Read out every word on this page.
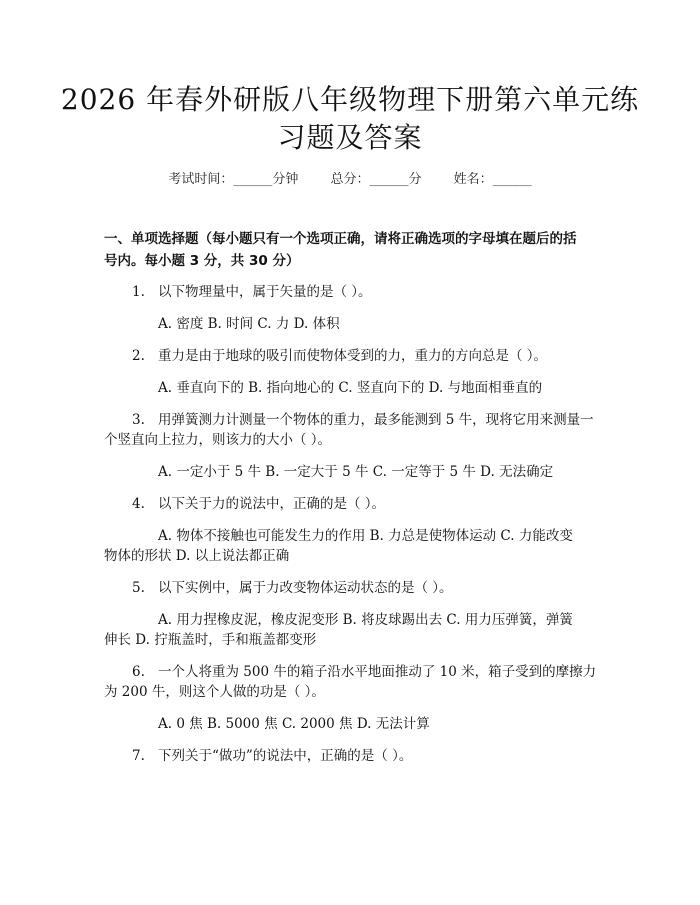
2026 年春外研版八年级物理下册第六单元练
习题及答案
考试时间：______分钟 总分：______分 姓名：______
一、单项选择题（每小题只有一个选项正确，请将正确选项的字母填在题后的括
号内。每小题 3 分，共 30 分）
1. 以下物理量中，属于矢量的是（ ）。
A. 密度 B. 时间 C. 力 D. 体积
2. 重力是由于地球的吸引而使物体受到的力，重力的方向总是（ ）。
A. 垂直向下的 B. 指向地心的 C. 竖直向下的 D. 与地面相垂直的
3. 用弹簧测力计测量一个物体的重力，最多能测到 5 牛，现将它用来测量一
个竖直向上拉力，则该力的大小（ ）。
A. 一定小于 5 牛 B. 一定大于 5 牛 C. 一定等于 5 牛 D. 无法确定
4. 以下关于力的说法中，正确的是（ ）。
A. 物体不接触也可能发生力的作用 B. 力总是使物体运动 C. 力能改变
物体的形状 D. 以上说法都正确
5. 以下实例中，属于力改变物体运动状态的是（ ）。
A. 用力捏橡皮泥，橡皮泥变形 B. 将皮球踢出去 C. 用力压弹簧，弹簧
伸长 D. 拧瓶盖时，手和瓶盖都变形
6. 一个人将重为 500 牛的箱子沿水平地面推动了 10 米，箱子受到的摩擦力
为 200 牛，则这个人做的功是（ ）。
A. 0 焦 B. 5000 焦 C. 2000 焦 D. 无法计算
7. 下列关于“做功”的说法中，正确的是（ ）。
